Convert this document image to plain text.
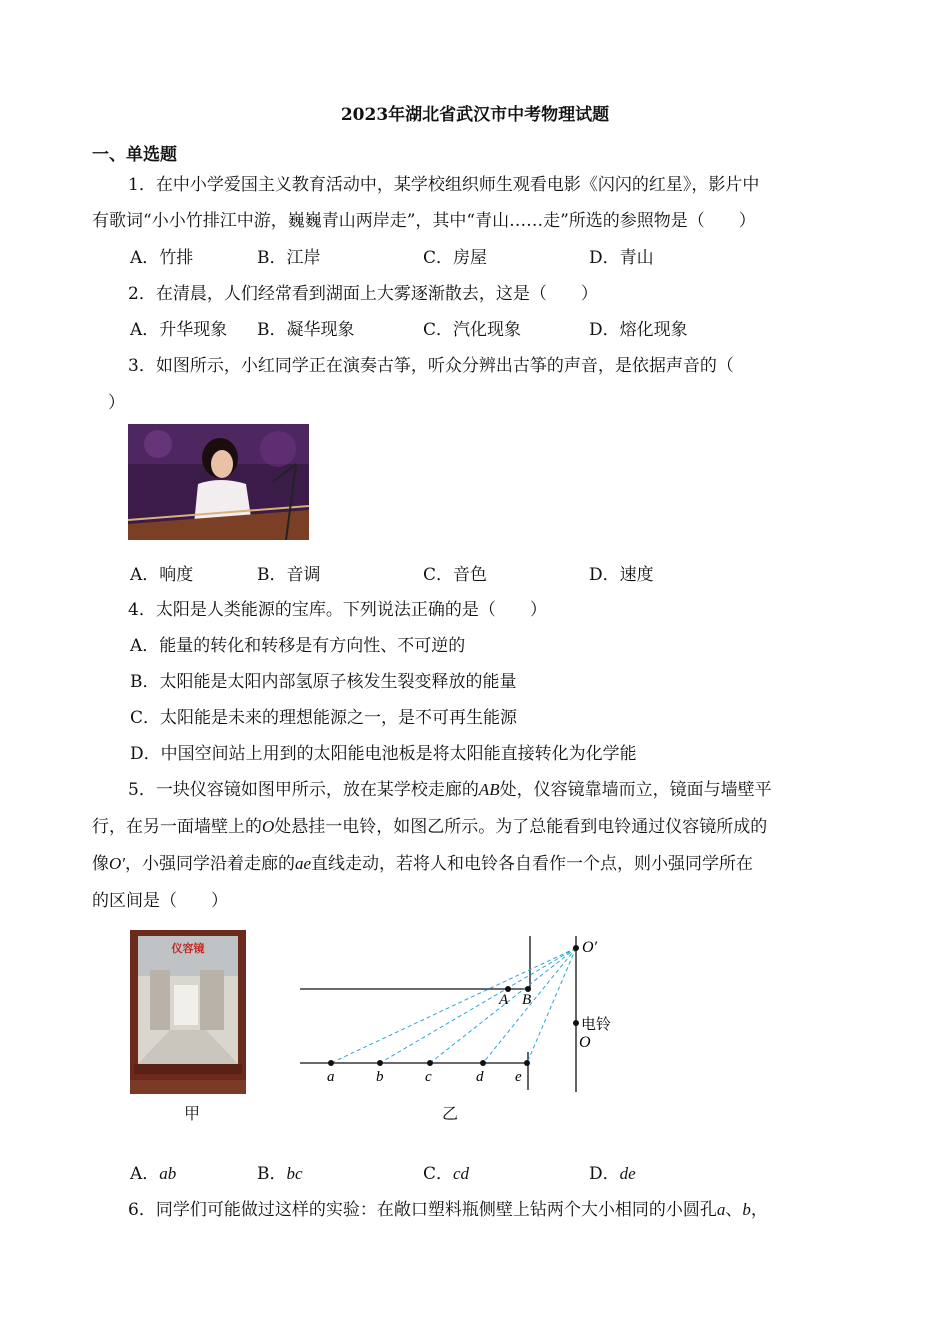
2023年湖北省武汉市中考物理试题
一、单选题
1．在中小学爱国主义教育活动中，某学校组织师生观看电影《闪闪的红星》，影片中
有歌词“小小竹排江中游，巍巍青山两岸走”，其中“青山……走”所选的参照物是（　　）
A．竹排	B．江岸	C．房屋	D．青山
2．在清晨，人们经常看到湖面上大雾逐渐散去，这是（　　）
A．升华现象 B．凝华现象	C．汽化现象	D．熔化现象
3．如图所示，小红同学正在演奏古筝，听众分辨出古筝的声音，是依据声音的（
）
A．响度	B．音调	C．音色	D．速度
4．太阳是人类能源的宝库。下列说法正确的是（　　）
A．能量的转化和转移是有方向性、不可逆的
B．太阳能是太阳内部氢原子核发生裂变释放的能量
C．太阳能是未来的理想能源之一，是不可再生能源
D．中国空间站上用到的太阳能电池板是将太阳能直接转化为化学能
5．一块仪容镜如图甲所示，放在某学校走廊的AB处，仪容镜靠墙而立，镜面与墙壁平
行，在另一面墙壁上的O处悬挂一电铃，如图乙所示。为了总能看到电铃通过仪容镜所成的
像O′，小强同学沿着走廊的ae直线走动，若将人和电铃各自看作一个点，则小强同学所在
的区间是（　　）
仪容镜
甲
O′
A B
电铃
O
a	b	c	d e
乙
A．ab	B．bc	C．cd	D．de
6．同学们可能做过这样的实验：在敞口塑料瓶侧壁上钻两个大小相同的小圆孔a、b，
